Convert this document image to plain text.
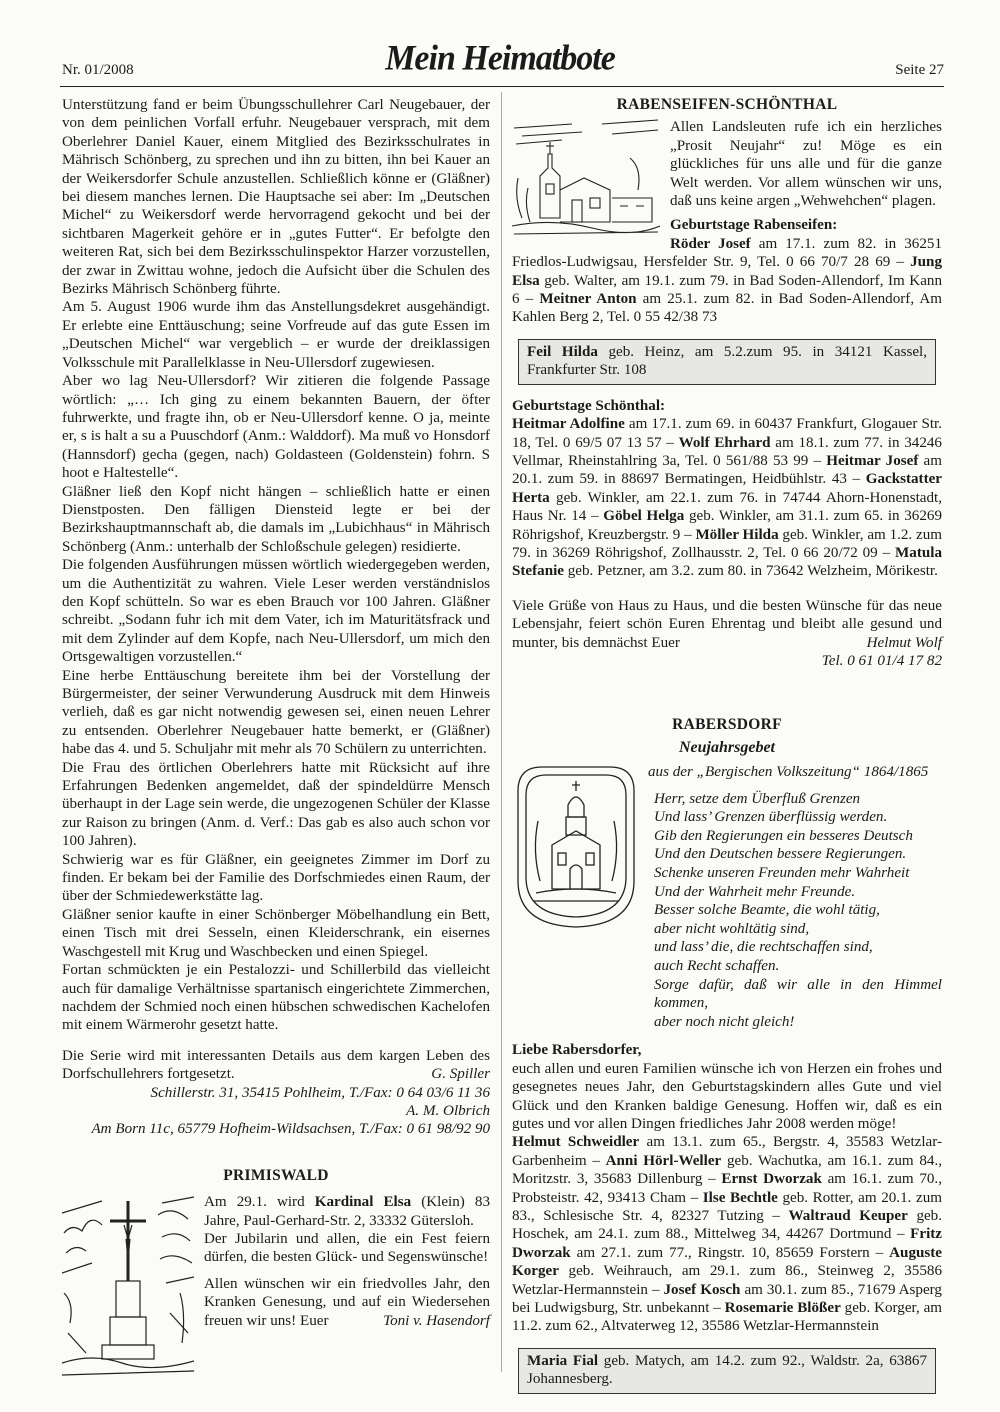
Nr. 01/2008	Mein Heimatbote	Seite 27

Unterstützung fand er beim Übungsschullehrer Carl Neugebauer, der von dem peinlichen Vorfall erfuhr. Neugebauer versprach, mit dem Oberlehrer Daniel Kauer, einem Mitglied des Bezirksschulrates in Mährisch Schönberg, zu sprechen und ihn zu bitten, ihn bei Kauer an der Weikersdorfer Schule anzustellen. Schließlich könne er (Gläßner) bei diesem manches lernen. Die Hauptsache sei aber: Im „Deutschen Michel“ zu Weikersdorf werde hervorragend gekocht und bei der sichtbaren Magerkeit gehöre er in „gutes Futter“. Er befolgte den weiteren Rat, sich bei dem Bezirksschulinspektor Harzer vorzustellen, der zwar in Zwittau wohne, jedoch die Aufsicht über die Schulen des Bezirks Mährisch Schönberg führte.

Am 5. August 1906 wurde ihm das Anstellungsdekret ausgehändigt. Er erlebte eine Enttäuschung; seine Vorfreude auf das gute Essen im „Deutschen Michel“ war vergeblich – er wurde der dreiklassigen Volksschule mit Parallelklasse in Neu-Ullersdorf zugewiesen.

Aber wo lag Neu-Ullersdorf? Wir zitieren die folgende Passage wörtlich: „… Ich ging zu einem bekannten Bauern, der öfter fuhrwerkte, und fragte ihn, ob er Neu-Ullersdorf kenne. O ja, meinte er, s is halt a su a Puuschdorf (Anm.: Walddorf). Ma muß vo Honsdorf (Hannsdorf) gecha (gegen, nach) Goldasteen (Goldenstein) fohrn. S hoot e Haltestelle“.

Gläßner ließ den Kopf nicht hängen – schließlich hatte er einen Dienstposten. Den fälligen Diensteid legte er bei der Bezirkshauptmannschaft ab, die damals im „Lubichhaus“ in Mährisch Schönberg (Anm.: unterhalb der Schloßschule gelegen) residierte.

Die folgenden Ausführungen müssen wörtlich wiedergegeben werden, um die Authentizität zu wahren. Viele Leser werden verständnislos den Kopf schütteln. So war es eben Brauch vor 100 Jahren. Gläßner schreibt. „Sodann fuhr ich mit dem Vater, ich im Maturitätsfrack und mit dem Zylinder auf dem Kopfe, nach Neu-Ullersdorf, um mich den Ortsgewaltigen vorzustellen.“

Eine herbe Enttäuschung bereitete ihm bei der Vorstellung der Bürgermeister, der seiner Verwunderung Ausdruck mit dem Hinweis verlieh, daß es gar nicht notwendig gewesen sei, einen neuen Lehrer zu entsenden. Oberlehrer Neugebauer hatte bemerkt, er (Gläßner) habe das 4. und 5. Schuljahr mit mehr als 70 Schülern zu unterrichten.

Die Frau des örtlichen Oberlehrers hatte mit Rücksicht auf ihre Erfahrungen Bedenken angemeldet, daß der spindeldürre Mensch überhaupt in der Lage sein werde, die ungezogenen Schüler der Klasse zur Raison zu bringen (Anm. d. Verf.: Das gab es also auch schon vor 100 Jahren).

Schwierig war es für Gläßner, ein geeignetes Zimmer im Dorf zu finden. Er bekam bei der Familie des Dorfschmiedes einen Raum, der über der Schmiedewerkstätte lag.

Gläßner senior kaufte in einer Schönberger Möbelhandlung ein Bett, einen Tisch mit drei Sesseln, einen Kleiderschrank, ein eisernes Waschgestell mit Krug und Waschbecken und einen Spiegel.

Fortan schmückten je ein Pestalozzi- und Schillerbild das vielleicht auch für damalige Verhältnisse spartanisch eingerichtete Zimmerchen, nachdem der Schmied noch einen hübschen schwedischen Kachelofen mit einem Wärmerohr gesetzt hatte.

Die Serie wird mit interessanten Details aus dem kargen Leben des Dorfschullehrers fortgesetzt.	G. Spiller

Schillerstr. 31, 35415 Pohlheim, T./Fax: 0 64 03/6 11 36

A. M. Olbrich

Am Born 11c, 65779 Hofheim-Wildsachsen, T./Fax: 0 61 98/92 90

PRIMISWALD

Am 29.1. wird Kardinal Elsa (Klein) 83 Jahre, Paul-Gerhard-Str. 2, 33332 Gütersloh.

Der Jubilarin und allen, die ein Fest feiern dürfen, die besten Glück- und Segenswünsche!

Allen wünschen wir ein friedvolles Jahr, den Kranken Genesung, und auf ein Wiedersehen freuen wir uns! Euer	Toni v. Hasendorf

RABENSEIFEN-SCHÖNTHAL

Allen Landsleuten rufe ich ein herzliches „Prosit Neujahr“ zu! Möge es ein glückliches für uns alle und für die ganze Welt werden. Vor allem wünschen wir uns, daß uns keine argen „Wehwehchen“ plagen.

Geburtstage Rabenseifen:

Röder Josef am 17.1. zum 82. in 36251 Friedlos-Ludwigsau, Hersfelder Str. 9, Tel. 0 66 70/7 28 69 – Jung Elsa geb. Walter, am 19.1. zum 79. in Bad Soden-Allendorf, Im Kann 6 – Meitner Anton am 25.1. zum 82. in Bad Soden-Allendorf, Am Kahlen Berg 2, Tel. 0 55 42/38 73

Feil Hilda geb. Heinz, am 5.2.zum 95. in 34121 Kassel, Frankfurter Str. 108

Geburtstage Schönthal:

Heitmar Adolfine am 17.1. zum 69. in 60437 Frankfurt, Glogauer Str. 18, Tel. 0 69/5 07 13 57 – Wolf Ehrhard am 18.1. zum 77. in 34246 Vellmar, Rheinstahlring 3a, Tel. 0 561/88 53 99 – Heitmar Josef am 20.1. zum 59. in 88697 Bermatingen, Heidbühlstr. 43 – Gackstatter Herta geb. Winkler, am 22.1. zum 76. in 74744 Ahorn-Honenstadt, Haus Nr. 14 – Göbel Helga geb. Winkler, am 31.1. zum 65. in 36269 Röhrigshof, Kreuzbergstr. 9 – Möller Hilda geb. Winkler, am 1.2. zum 79. in 36269 Röhrigshof, Zollhausstr. 2, Tel. 0 66 20/72 09 – Matula Stefanie geb. Petzner, am 3.2. zum 80. in 73642 Welzheim, Mörikestr.

Viele Grüße von Haus zu Haus, und die besten Wünsche für das neue Lebensjahr, feiert schön Euren Ehrentag und bleibt alle gesund und munter, bis demnächst Euer	Helmut Wolf

Tel. 0 61 01/4 17 82

RABERSDORF
Neujahrsgebet

aus der „Bergischen Volkszeitung“ 1864/1865

Herr, setze dem Überfluß Grenzen
Und lass’ Grenzen überflüssig werden.
Gib den Regierungen ein besseres Deutsch
Und den Deutschen bessere Regierungen.
Schenke unseren Freunden mehr Wahrheit
Und der Wahrheit mehr Freunde.
Besser solche Beamte, die wohl tätig,
aber nicht wohltätig sind,
und lass’ die, die rechtschaffen sind,
auch Recht schaffen.
Sorge dafür, daß wir alle in den Himmel kommen,
aber noch nicht gleich!

Liebe Rabersdorfer,

euch allen und euren Familien wünsche ich von Herzen ein frohes und gesegnetes neues Jahr, den Geburtstagskindern alles Gute und viel Glück und den Kranken baldige Genesung. Hoffen wir, daß es ein gutes und vor allen Dingen friedliches Jahr 2008 werden möge!

Helmut Schweidler am 13.1. zum 65., Bergstr. 4, 35583 Wetzlar-Garbenheim – Anni Hörl-Weller geb. Wachutka, am 16.1. zum 84., Moritzstr. 3, 35683 Dillenburg – Ernst Dworzak am 16.1. zum 70., Probsteistr. 42, 93413 Cham – Ilse Bechtle geb. Rotter, am 20.1. zum 83., Schlesische Str. 4, 82327 Tutzing – Waltraud Keuper geb. Hoschek, am 24.1. zum 88., Mittelweg 34, 44267 Dortmund – Fritz Dworzak am 27.1. zum 77., Ringstr. 10, 85659 Forstern – Auguste Korger geb. Weihrauch, am 29.1. zum 86., Steinweg 2, 35586 Wetzlar-Hermannstein – Josef Kosch am 30.1. zum 85., 71679 Asperg bei Ludwigsburg, Str. unbekannt – Rosemarie Blößer geb. Korger, am 11.2. zum 62., Altvaterweg 12, 35586 Wetzlar-Hermannstein

Maria Fial geb. Matych, am 14.2. zum 92., Waldstr. 2a, 63867 Johannesberg.
